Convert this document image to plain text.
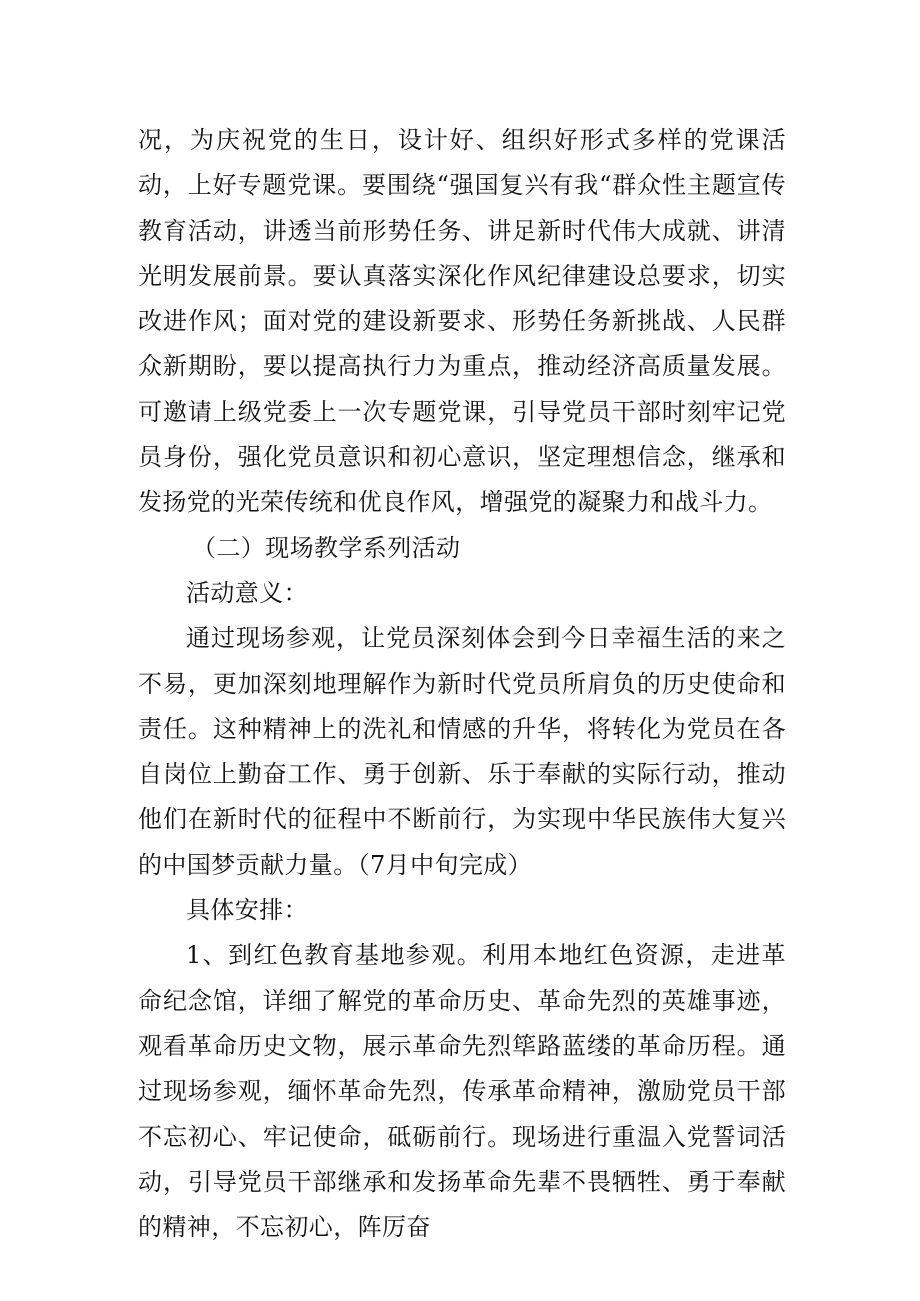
况，为庆祝党的生日，设计好、组织好形式多样的党课活动，上好专题党课。要围绕“强国复兴有我“群众性主题宣传教育活动，讲透当前形势任务、讲足新时代伟大成就、讲清光明发展前景。要认真落实深化作风纪律建设总要求，切实改进作风；面对党的建设新要求、形势任务新挑战、人民群众新期盼，要以提高执行力为重点，推动经济高质量发展。可邀请上级党委上一次专题党课，引导党员干部时刻牢记党员身份，强化党员意识和初心意识，坚定理想信念，继承和发扬党的光荣传统和优良作风，增强党的凝聚力和战斗力。

（二）现场教学系列活动

活动意义：

通过现场参观，让党员深刻体会到今日幸福生活的来之不易，更加深刻地理解作为新时代党员所肩负的历史使命和责任。这种精神上的洗礼和情感的升华，将转化为党员在各自岗位上勤奋工作、勇于创新、乐于奉献的实际行动，推动他们在新时代的征程中不断前行，为实现中华民族伟大复兴的中国梦贡献力量。（7月中旬完成）

具体安排：

1、到红色教育基地参观。利用本地红色资源，走进革命纪念馆，详细了解党的革命历史、革命先烈的英雄事迹，观看革命历史文物，展示革命先烈筚路蓝缕的革命历程。通过现场参观，缅怀革命先烈，传承革命精神，激励党员干部不忘初心、牢记使命，砥砺前行。现场进行重温入党誓词活动，引导党员干部继承和发扬革命先辈不畏牺牲、勇于奉献的精神，不忘初心，阵厉奋
